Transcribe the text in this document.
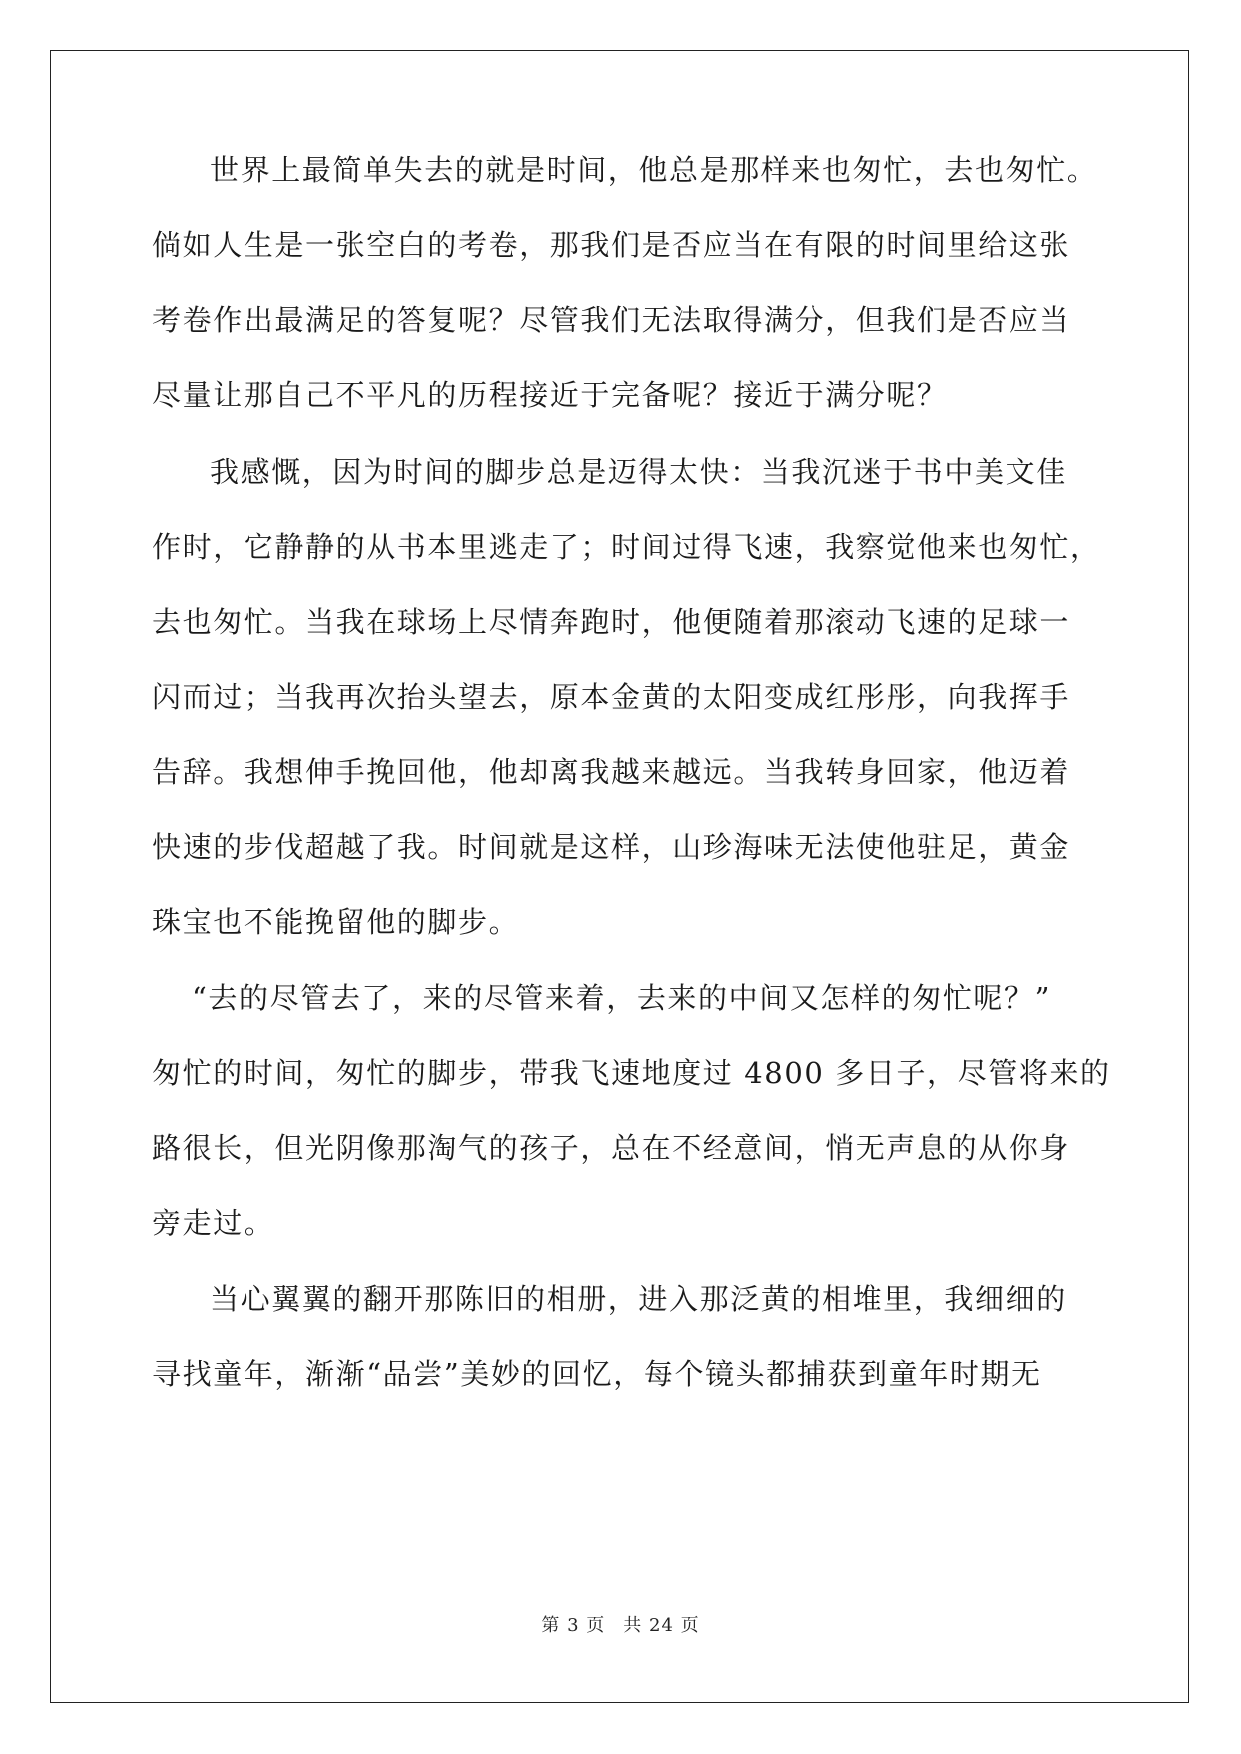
世界上最简单失去的就是时间，他总是那样来也匆忙，去也匆忙。
倘如人生是一张空白的考卷，那我们是否应当在有限的时间里给这张
考卷作出最满足的答复呢？尽管我们无法取得满分，但我们是否应当
尽量让那自己不平凡的历程接近于完备呢？接近于满分呢？
我感慨，因为时间的脚步总是迈得太快：当我沉迷于书中美文佳
作时，它静静的从书本里逃走了；时间过得飞速，我察觉他来也匆忙，
去也匆忙。当我在球场上尽情奔跑时，他便随着那滚动飞速的足球一
闪而过；当我再次抬头望去，原本金黄的太阳变成红彤彤，向我挥手
告辞。我想伸手挽回他，他却离我越来越远。当我转身回家，他迈着
快速的步伐超越了我。时间就是这样，山珍海味无法使他驻足，黄金
珠宝也不能挽留他的脚步。
“去的尽管去了，来的尽管来着，去来的中间又怎样的匆忙呢？”
匆忙的时间，匆忙的脚步，带我飞速地度过 4800 多日子，尽管将来的
路很长，但光阴像那淘气的孩子，总在不经意间，悄无声息的从你身
旁走过。
当心翼翼的翻开那陈旧的相册，进入那泛黄的相堆里，我细细的
寻找童年，渐渐“品尝”美妙的回忆，每个镜头都捕获到童年时期无
第 3 页 共 24 页
